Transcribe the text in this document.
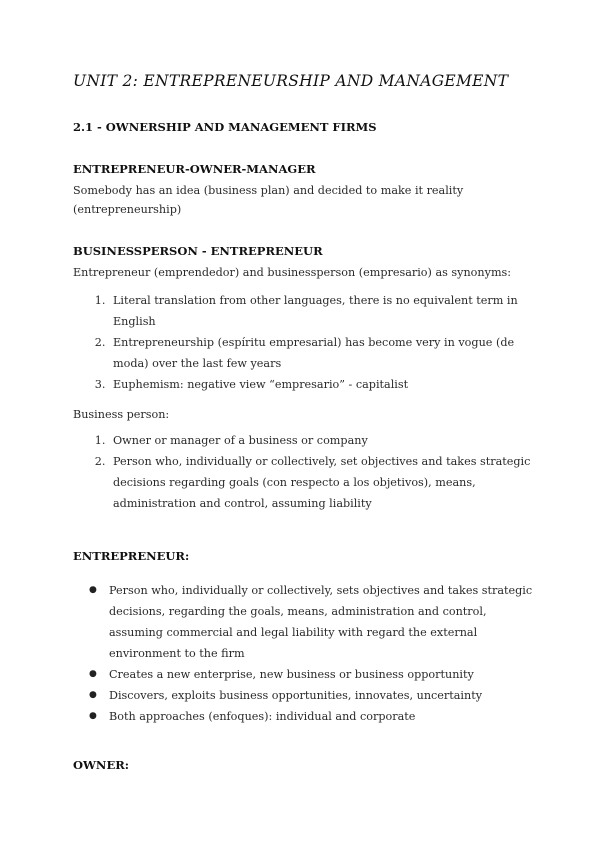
UNIT 2: ENTREPRENEURSHIP AND MANAGEMENT
2.1 - OWNERSHIP AND MANAGEMENT FIRMS
ENTREPRENEUR-OWNER-MANAGER

Somebody has an idea (business plan) and decided to make it reality (entrepreneurship)

BUSINESSPERSON - ENTREPRENEUR

Entrepreneur (emprendedor) and businessperson (empresario) as synonyms:

1. Literal translation from other languages, there is no equivalent term in English
2. Entrepreneurship (espíritu empresarial) has become very in vogue (de moda) over the last few years
3. Euphemism: negative view “empresario” - capitalist

Business person:

1. Owner or manager of a business or company
2. Person who, individually or collectively, set objectives and takes strategic decisions regarding goals (con respecto a los objetivos), means, administration and control, assuming liability
ENTREPRENEUR:
● Person who, individually or collectively, sets objectives and takes strategic decisions, regarding the goals, means, administration and control, assuming commercial and legal liability with regard the external environment to the firm
● Creates a new enterprise, new business or business opportunity
● Discovers, exploits business opportunities, innovates, uncertainty
● Both approaches (enfoques): individual and corporate
OWNER:
